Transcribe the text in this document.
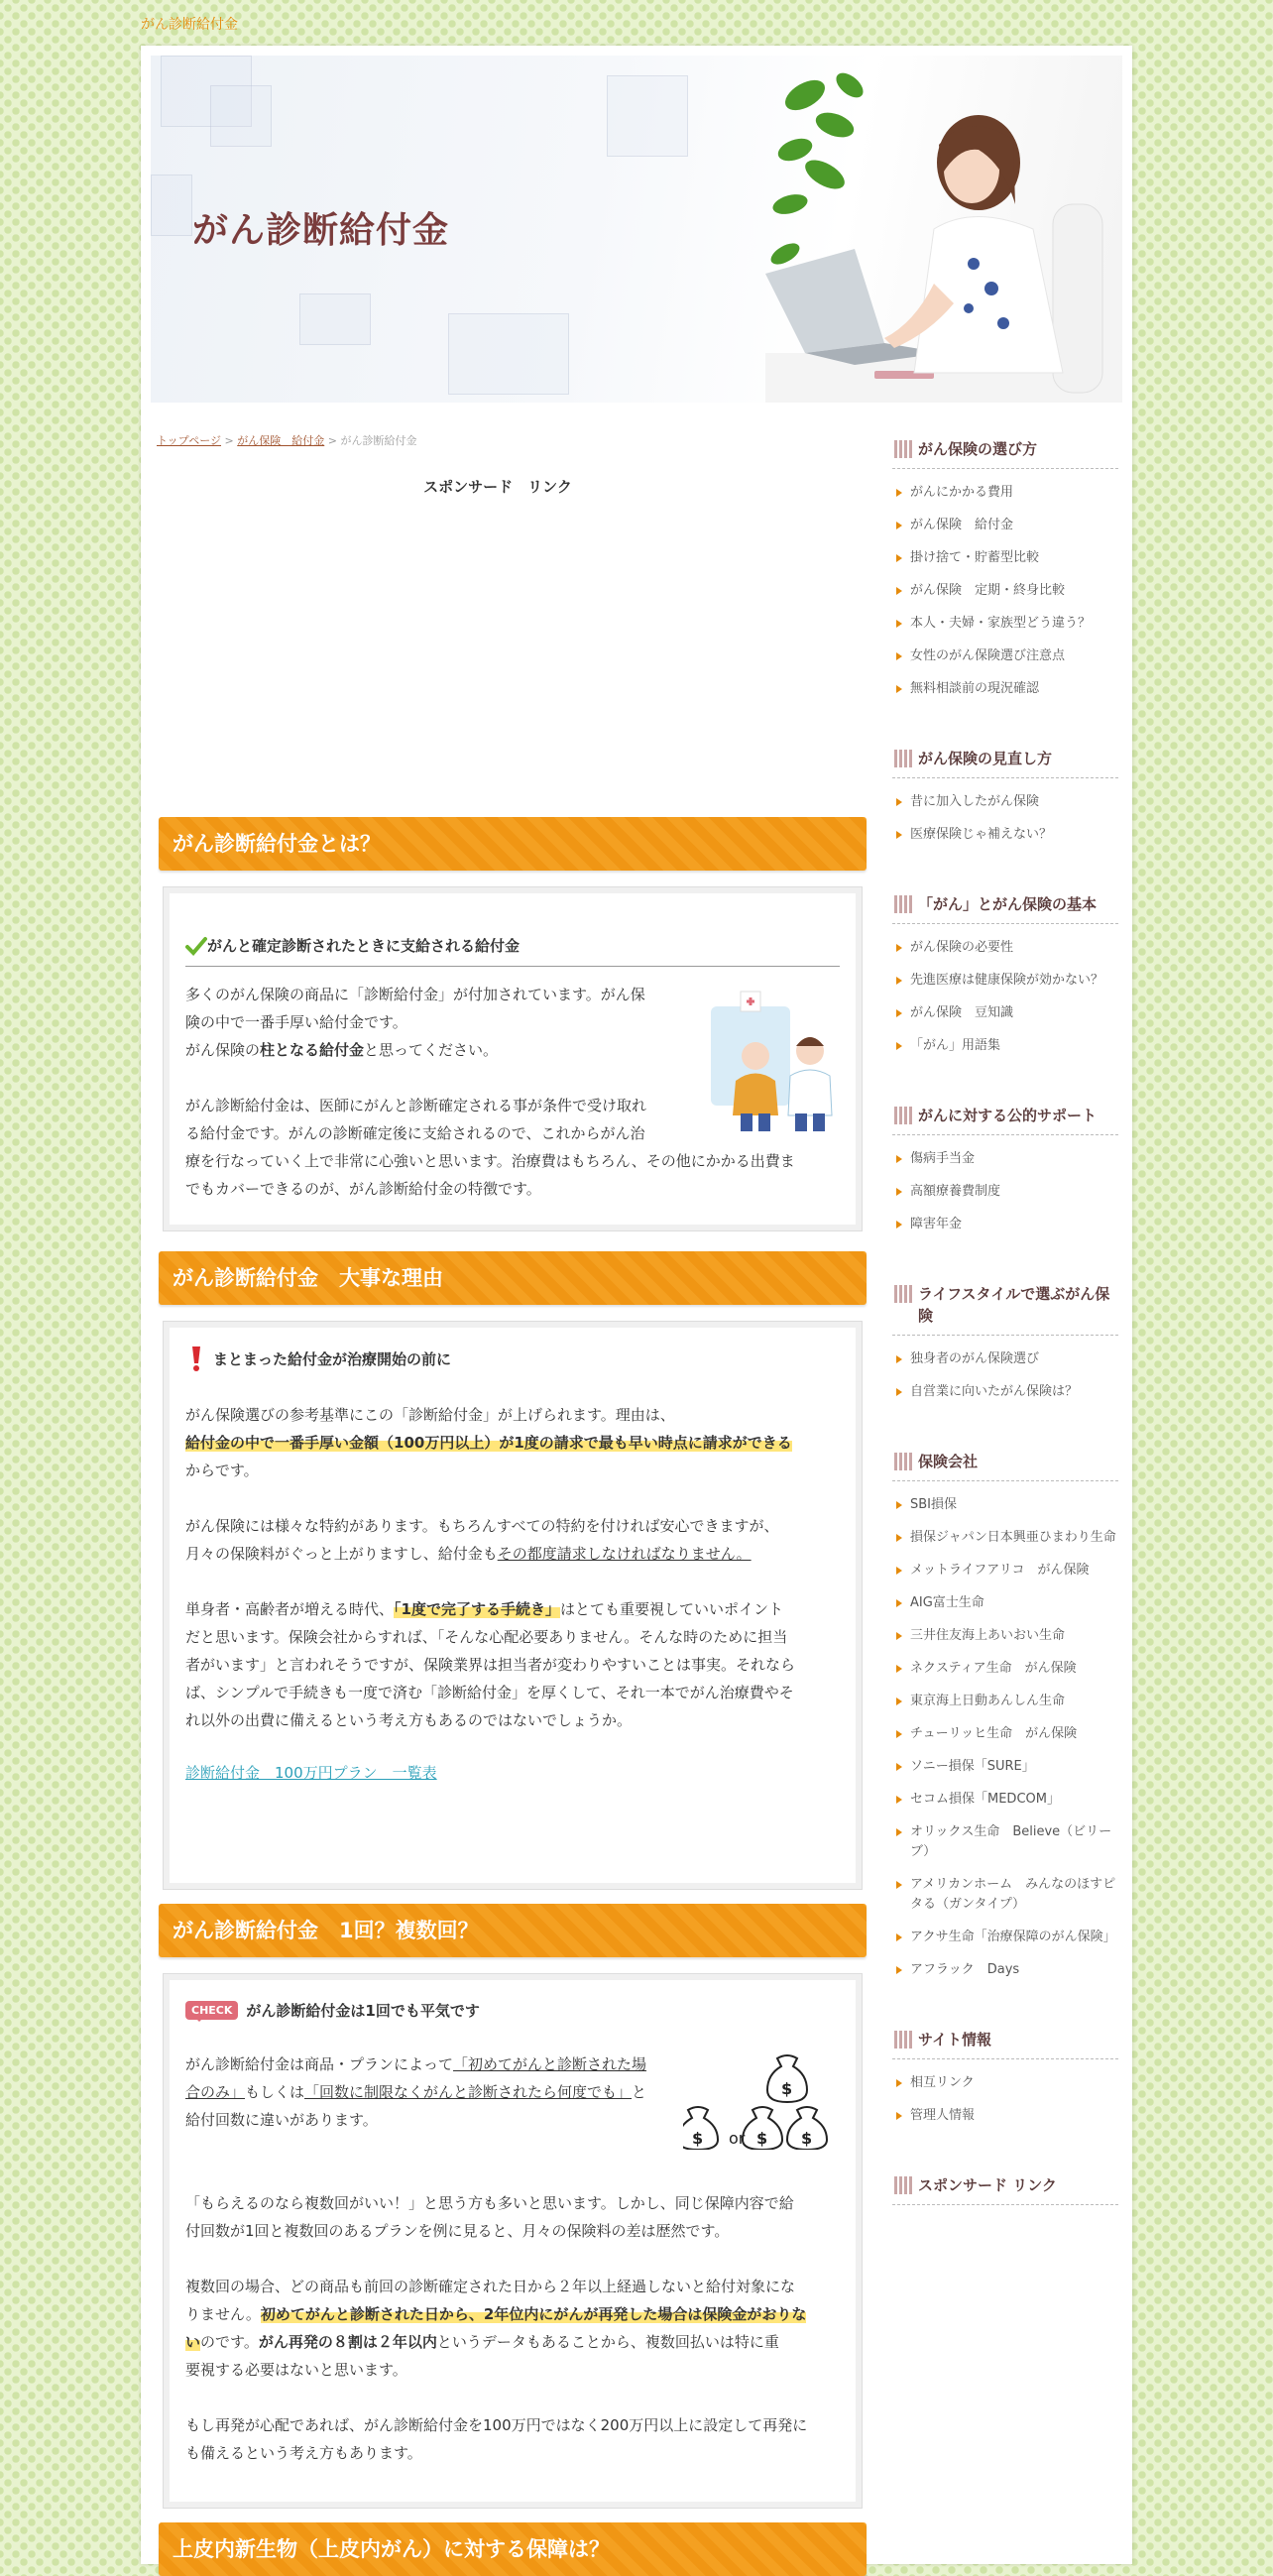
がん診断給付金
がん診断給付金
トップページ > がん保険　給付金 > がん診断給付金
スポンサード　リンク
がん診断給付金とは？
がんと確定診断されたときに支給される給付金
多くのがん保険の商品に「診断給付金」が付加されています。がん保
険の中で一番手厚い給付金です。
がん保険の柱となる給付金と思ってください。
がん診断給付金は、医師にがんと診断確定される事が条件で受け取れ
る給付金です。がんの診断確定後に支給されるので、これからがん治
療を行なっていく上で非常に心強いと思います。治療費はもちろん、その他にかかる出費ま
でもカバーできるのが、がん診断給付金の特徴です。
がん診断給付金　大事な理由
まとまった給付金が治療開始の前に
がん保険選びの参考基準にこの「診断給付金」が上げられます。理由は、
給付金の中で一番手厚い金額（100万円以上）が1度の請求で最も早い時点に請求ができる
からです。
がん保険には様々な特約があります。もちろんすべての特約を付ければ安心できますが、
月々の保険料がぐっと上がりますし、給付金もその都度請求しなければなりません。
単身者・高齢者が増える時代、「1度で完了する手続き」はとても重要視していいポイント
だと思います。保険会社からすれば、「そんな心配必要ありません。そんな時のために担当
者がいます」と言われそうですが、保険業界は担当者が変わりやすいことは事実。それなら
ば、シンプルで手続きも一度で済む「診断給付金」を厚くして、それ一本でがん治療費やそ
れ以外の出費に備えるという考え方もあるのではないでしょうか。
診断給付金　100万円プラン　一覧表
がん診断給付金　1回？複数回？
CHECK がん診断給付金は1回でも平気です
$
$	$ $
or
がん診断給付金は商品・プランによって「初めてがんと診断された場
合のみ」もしくは「回数に制限なくがんと診断されたら何度でも」と
給付回数に違いがあります。
「もらえるのなら複数回がいい！」と思う方も多いと思います。しかし、同じ保障内容で給
付回数が1回と複数回のあるプランを例に見ると、月々の保険料の差は歴然です。
複数回の場合、どの商品も前回の診断確定された日から２年以上経過しないと給付対象にな
りません。初めてがんと診断された日から、2年位内にがんが再発した場合は保険金がおりな
いのです。がん再発の８割は２年以内というデータもあることから、複数回払いは特に重
要視する必要はないと思います。
もし再発が心配であれば、がん診断給付金を100万円ではなく200万円以上に設定して再発に
も備えるという考え方もあります。
上皮内新生物（上皮内がん）に対する保障は？
がん保険の選び方
がんにかかる費用
がん保険　給付金
掛け捨て・貯蓄型比較
がん保険　定期・終身比較
本人・夫婦・家族型どう違う？
女性のがん保険選び注意点
無料相談前の現況確認
がん保険の見直し方
昔に加入したがん保険
医療保険じゃ補えない？
「がん」とがん保険の基本
がん保険の必要性
先進医療は健康保険が効かない？
がん保険　豆知識
「がん」用語集
がんに対する公的サポート
傷病手当金
高額療養費制度
障害年金
ライフスタイルで選ぶがん保険
独身者のがん保険選び
自営業に向いたがん保険は？
保険会社
SBI損保
損保ジャパン日本興亜ひまわり生命
メットライフアリコ　がん保険
AIG富士生命
三井住友海上あいおい生命
ネクスティア生命　がん保険
東京海上日動あんしん生命
チューリッヒ生命　がん保険
ソニー損保「SURE」
セコム損保「MEDCOM」
オリックス生命　Believe（ビリーブ）
アメリカンホーム　みんなのほすピタる（ガンタイプ）
アクサ生命「治療保障のがん保険」
アフラック　Days
サイト情報
相互リンク
管理人情報
スポンサード リンク
